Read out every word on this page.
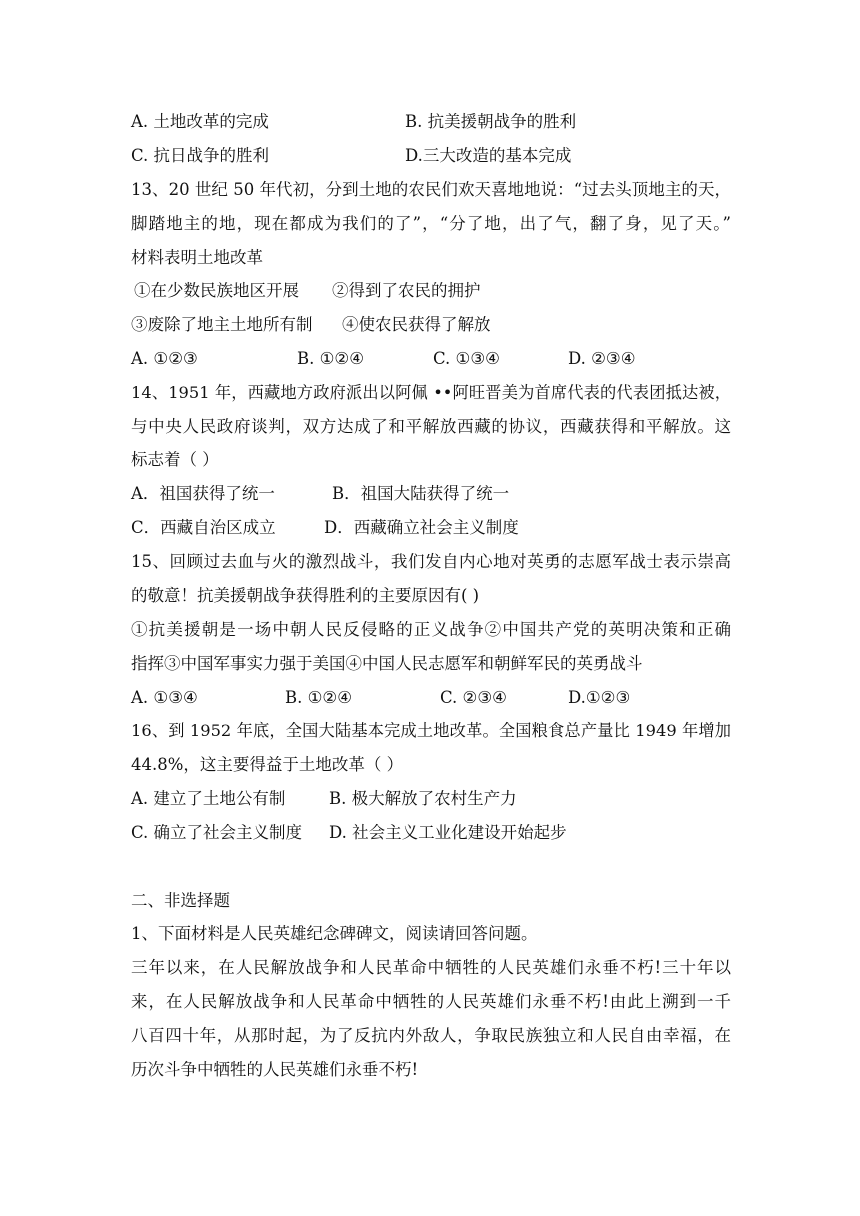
A. 土地改革的完成	B. 抗美援朝战争的胜利
C. 抗日战争的胜利	D.三大改造的基本完成
13、20 世纪 50 年代初，分到土地的农民们欢天喜地地说：“过去头顶地主的天，
脚踏地主的地，现在都成为我们的了”，“分了地，出了气，翻了身，见了天。”
材料表明土地改革
①在少数民族地区开展 ②得到了农民的拥护
③废除了地主土地所有制 ④使农民获得了解放
A. ①②③	B. ①②④	C. ①③④	D. ②③④
14、1951 年，西藏地方政府派出以阿佩 ••阿旺晋美为首席代表的代表团抵达被，
与中央人民政府谈判，双方达成了和平解放西藏的协议，西藏获得和平解放。这
标志着（ ）
A．祖国获得了统一	B．祖国大陆获得了统一
C．西藏自治区成立	D．西藏确立社会主义制度
15、回顾过去血与火的激烈战斗，我们发自内心地对英勇的志愿军战士表示崇高
的敬意！抗美援朝战争获得胜利的主要原因有( )
①抗美援朝是一场中朝人民反侵略的正义战争②中国共产党的英明决策和正确
指挥③中国军事实力强于美国④中国人民志愿军和朝鲜军民的英勇战斗
A. ①③④	B. ①②④	C. ②③④	D.①②③
16、到 1952 年底，全国大陆基本完成土地改革。全国粮食总产量比 1949 年增加
44.8%，这主要得益于土地改革（ ）
A. 建立了土地公有制	B. 极大解放了农村生产力
C. 确立了社会主义制度 D. 社会主义工业化建设开始起步
二、非选择题
1、下面材料是人民英雄纪念碑碑文，阅读请回答问题。
三年以来，在人民解放战争和人民革命中牺牲的人民英雄们永垂不朽!三十年以
来，在人民解放战争和人民革命中牺牲的人民英雄们永垂不朽!由此上溯到一千
八百四十年，从那时起，为了反抗内外敌人，争取民族独立和人民自由幸福，在
历次斗争中牺牲的人民英雄们永垂不朽!
